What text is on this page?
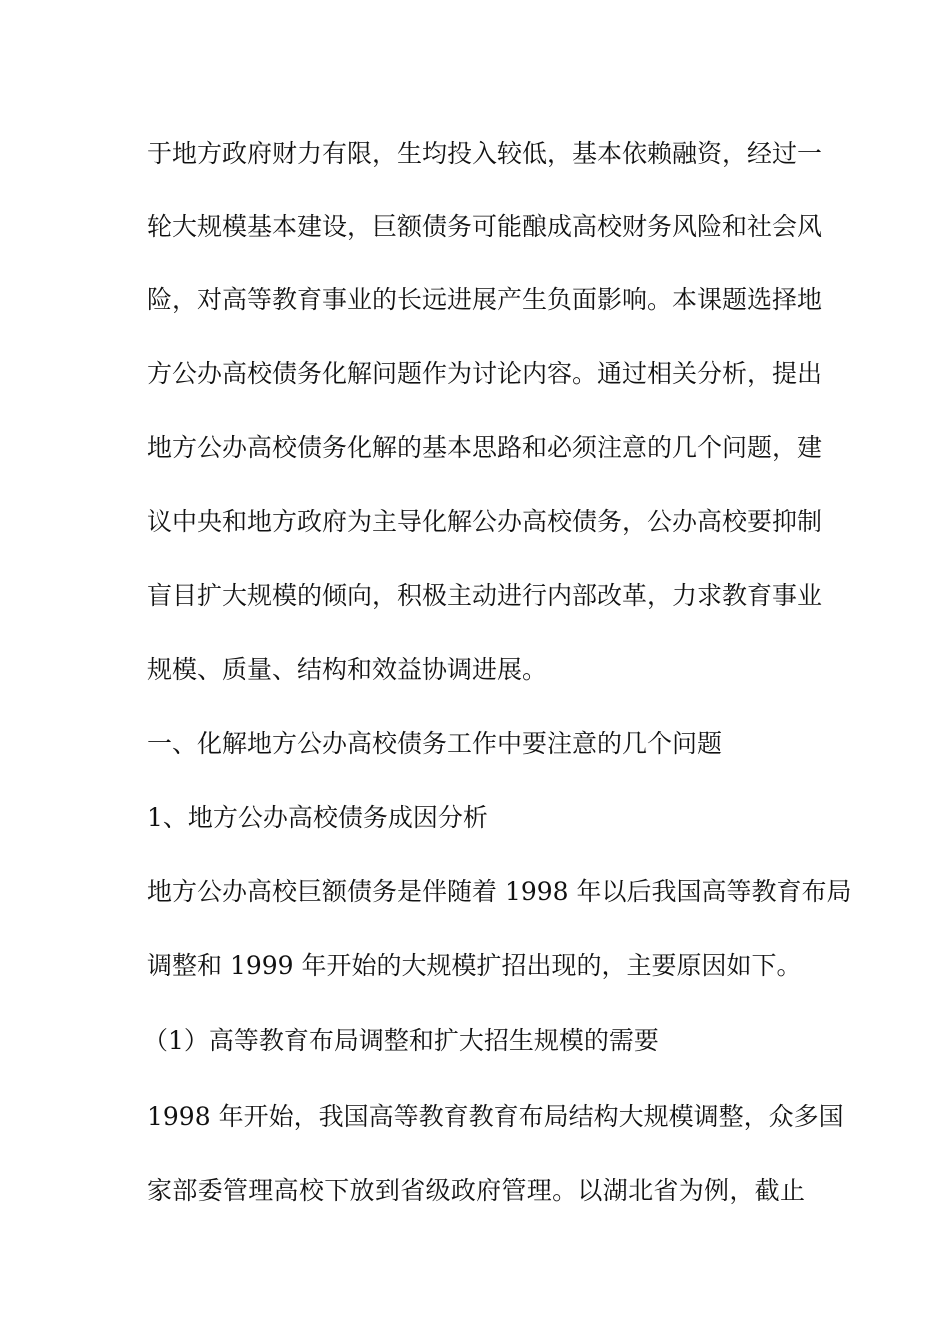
于地方政府财力有限，生均投入较低，基本依赖融资，经过一
轮大规模基本建设，巨额债务可能酿成高校财务风险和社会风
险，对高等教育事业的长远进展产生负面影响。本课题选择地
方公办高校债务化解问题作为讨论内容。通过相关分析，提出
地方公办高校债务化解的基本思路和必须注意的几个问题，建
议中央和地方政府为主导化解公办高校债务，公办高校要抑制
盲目扩大规模的倾向，积极主动进行内部改革，力求教育事业
规模、质量、结构和效益协调进展。
一、化解地方公办高校债务工作中要注意的几个问题
1、地方公办高校债务成因分析
地方公办高校巨额债务是伴随着 1998 年以后我国高等教育布局
调整和 1999 年开始的大规模扩招出现的，主要原因如下。
（1）高等教育布局调整和扩大招生规模的需要
1998 年开始，我国高等教育教育布局结构大规模调整，众多国
家部委管理高校下放到省级政府管理。以湖北省为例，截止
